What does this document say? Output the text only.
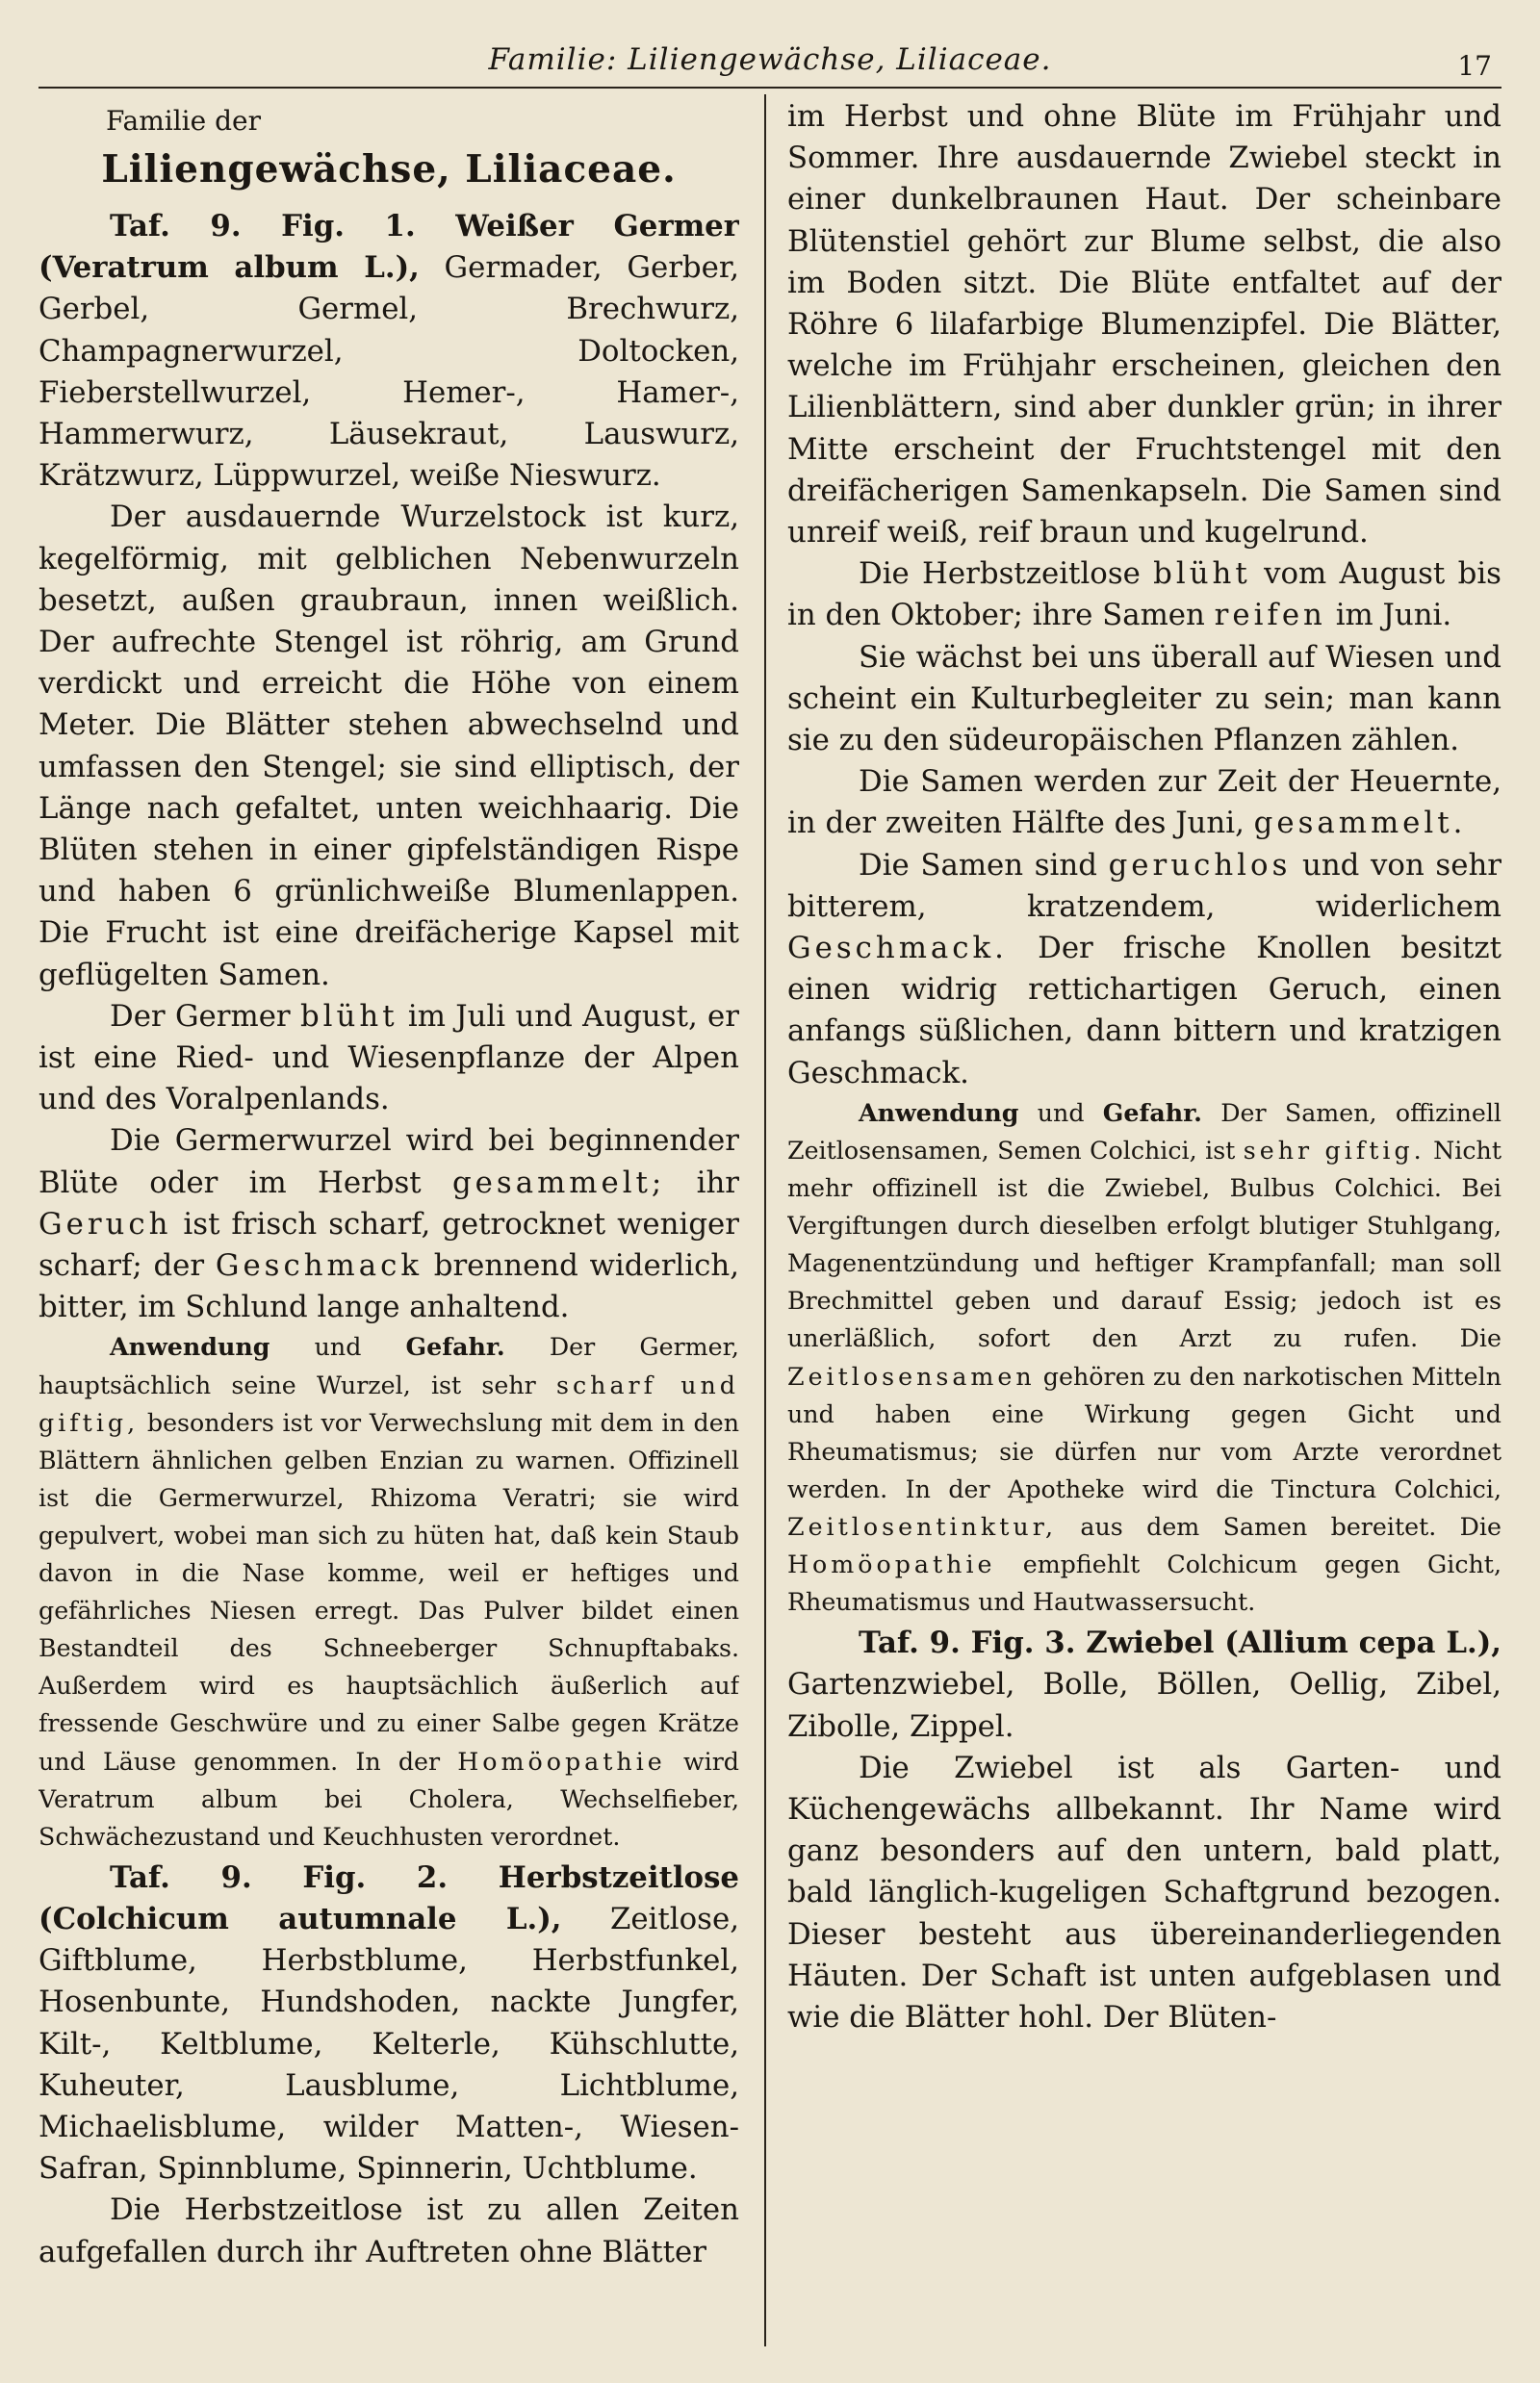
Familie: Liliengewächse, Liliaceae.	17
Familie der
Liliengewächse, Liliaceae.

Taf. 9. Fig. 1. Weißer Germer (Veratrum album L.), Germader, Gerber, Gerbel, Germel, Brechwurz, Champagnerwurzel, Doltocken, Fieberstellwurzel, Hemer-, Hamer-, Hammerwurz, Läusekraut, Lauswurz, Krätzwurz, Lüppwurzel, weiße Nieswurz.

Der ausdauernde Wurzelstock ist kurz, kegelförmig, mit gelblichen Nebenwurzeln besetzt, außen graubraun, innen weißlich. Der aufrechte Stengel ist röhrig, am Grund verdickt und erreicht die Höhe von einem Meter. Die Blätter stehen abwechselnd und umfassen den Stengel; sie sind elliptisch, der Länge nach gefaltet, unten weichhaarig. Die Blüten stehen in einer gipfelständigen Rispe und haben 6 grünlichweiße Blumenlappen. Die Frucht ist eine dreifächerige Kapsel mit geflügelten Samen.

Der Germer blüht im Juli und August, er ist eine Ried- und Wiesenpflanze der Alpen und des Voralpenlands.

Die Germerwurzel wird bei beginnender Blüte oder im Herbst gesammelt; ihr Geruch ist frisch scharf, getrocknet weniger scharf; der Geschmack brennend widerlich, bitter, im Schlund lange anhaltend.

Anwendung und Gefahr. Der Germer, hauptsächlich seine Wurzel, ist sehr scharf und giftig, besonders ist vor Verwechslung mit dem in den Blättern ähnlichen gelben Enzian zu warnen. Offizinell ist die Germerwurzel, Rhizoma Veratri; sie wird gepulvert, wobei man sich zu hüten hat, daß kein Staub davon in die Nase komme, weil er heftiges und gefährliches Niesen erregt. Das Pulver bildet einen Bestandteil des Schneeberger Schnupftabaks. Außerdem wird es hauptsächlich äußerlich auf fressende Geschwüre und zu einer Salbe gegen Krätze und Läuse genommen. In der Homöopathie wird Veratrum album bei Cholera, Wechselfieber, Schwächezustand und Keuchhusten verordnet.

Taf. 9. Fig. 2. Herbstzeitlose (Colchicum autumnale L.), Zeitlose, Giftblume, Herbstblume, Herbstfunkel, Hosenbunte, Hundshoden, nackte Jungfer, Kilt-, Keltblume, Kelterle, Kühschlutte, Kuheuter, Lausblume, Lichtblume, Michaelisblume, wilder Matten-, Wiesen-Safran, Spinnblume, Spinnerin, Uchtblume.

Die Herbstzeitlose ist zu allen Zeiten aufgefallen durch ihr Auftreten ohne Blätter

im Herbst und ohne Blüte im Frühjahr und Sommer. Ihre ausdauernde Zwiebel steckt in einer dunkelbraunen Haut. Der scheinbare Blütenstiel gehört zur Blume selbst, die also im Boden sitzt. Die Blüte entfaltet auf der Röhre 6 lilafarbige Blumenzipfel. Die Blätter, welche im Frühjahr erscheinen, gleichen den Lilienblättern, sind aber dunkler grün; in ihrer Mitte erscheint der Fruchtstengel mit den dreifächerigen Samenkapseln. Die Samen sind unreif weiß, reif braun und kugelrund.

Die Herbstzeitlose blüht vom August bis in den Oktober; ihre Samen reifen im Juni.

Sie wächst bei uns überall auf Wiesen und scheint ein Kulturbegleiter zu sein; man kann sie zu den südeuropäischen Pflanzen zählen.

Die Samen werden zur Zeit der Heuernte, in der zweiten Hälfte des Juni, gesammelt.

Die Samen sind geruchlos und von sehr bitterem, kratzendem, widerlichem Geschmack. Der frische Knollen besitzt einen widrig rettichartigen Geruch, einen anfangs süßlichen, dann bittern und kratzigen Geschmack.

Anwendung und Gefahr. Der Samen, offizinell Zeitlosensamen, Semen Colchici, ist sehr giftig. Nicht mehr offizinell ist die Zwiebel, Bulbus Colchici. Bei Vergiftungen durch dieselben erfolgt blutiger Stuhlgang, Magenentzündung und heftiger Krampfanfall; man soll Brechmittel geben und darauf Essig; jedoch ist es unerläßlich, sofort den Arzt zu rufen. Die Zeitlosensamen gehören zu den narkotischen Mitteln und haben eine Wirkung gegen Gicht und Rheumatismus; sie dürfen nur vom Arzte verordnet werden. In der Apotheke wird die Tinctura Colchici, Zeitlosentinktur, aus dem Samen bereitet. Die Homöopathie empfiehlt Colchicum gegen Gicht, Rheumatismus und Hautwassersucht.

Taf. 9. Fig. 3. Zwiebel (Allium cepa L.), Gartenzwiebel, Bolle, Böllen, Oellig, Zibel, Zibolle, Zippel.

Die Zwiebel ist als Garten- und Küchengewächs allbekannt. Ihr Name wird ganz besonders auf den untern, bald platt, bald länglich-kugeligen Schaftgrund bezogen. Dieser besteht aus übereinanderliegenden Häuten. Der Schaft ist unten aufgeblasen und wie die Blätter hohl. Der Blüten-
